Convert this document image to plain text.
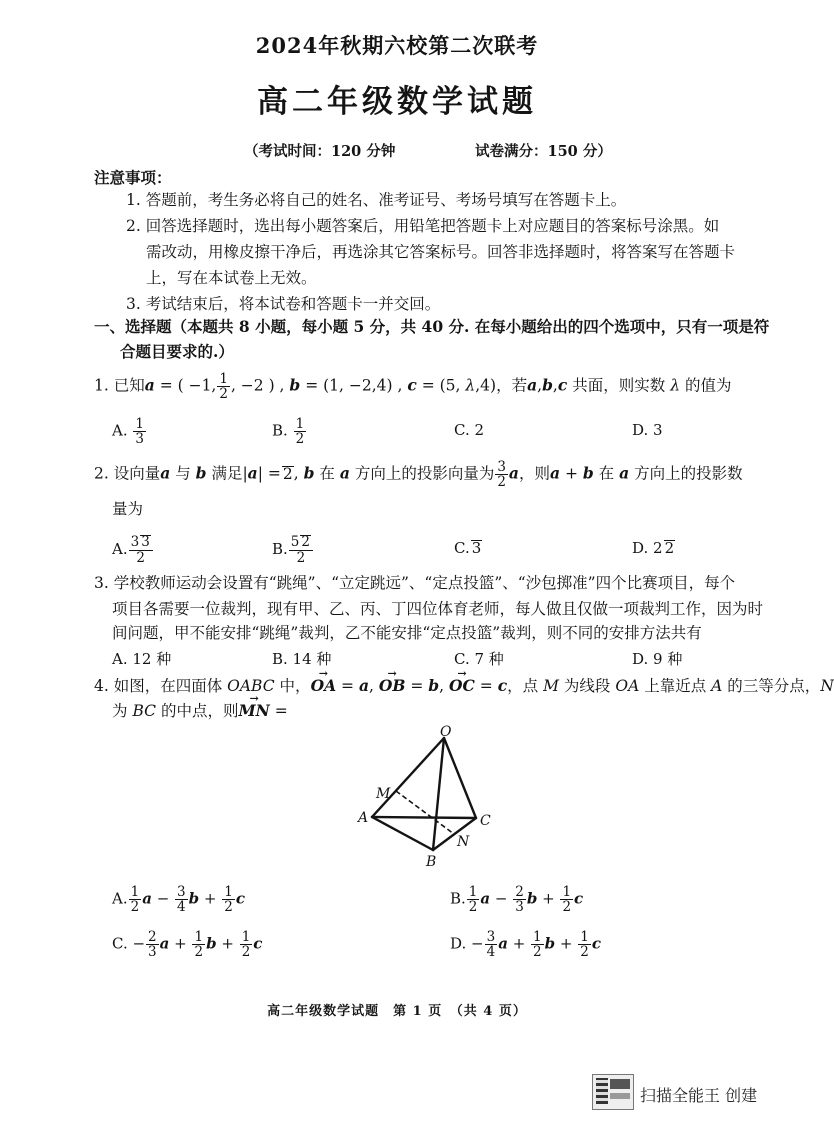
2024年秋期六校第二次联考
高二年级数学试题
（考试时间：120 分钟	试卷满分：150 分）
注意事项：
1. 答题前，考生务必将自己的姓名、准考证号、考场号填写在答题卡上。
2. 回答选择题时，选出每小题答案后，用铅笔把答题卡上对应题目的答案标号涂黑。如
需改动，用橡皮擦干净后，再选涂其它答案标号。回答非选择题时，将答案写在答题卡
上，写在本试卷上无效。
3. 考试结束后，将本试卷和答题卡一并交回。
一、选择题（本题共 8 小题，每小题 5 分，共 40 分. 在每小题给出的四个选项中，只有一项是符
合题目要求的.）
1. 已知a = ( −1, $\frac{1}{2}$ , −2 ) , b = (1, −2,4) , c = (5, λ,4)，若a,b,c 共面，则实数 λ 的值为
A. $\frac{1}{3}$	B. $\frac{1}{2}$	C. 2	D. 3
2. 设向量a 与 b 满足|a| = 2, b 在 a 方向上的投影向量为 $\frac{3}{2}$ a，则a + b 在 a 方向上的投影数
量为
A. $\frac{3 3}{2}$	B. $\frac{5 2}{2}$	C. 3	D. 2 2
3. 学校教师运动会设置有“跳绳”、“立定跳远”、“定点投篮”、“沙包掷准”四个比赛项目，每个
项目各需要一位裁判，现有甲、乙、丙、丁四位体育老师，每人做且仅做一项裁判工作，因为时
间问题，甲不能安排“跳绳”裁判，乙不能安排“定点投篮”裁判，则不同的安排方法共有
A. 12 种	B. 14 种	C. 7 种	D. 9 种
4. 如图，在四面体 OABC 中，→ OA = a, → OB = b, → OC = c，点 M 为线段 OA 上靠近点 A 的三等分点，N
为 BC 的中点，则→ MN =
O
M
A	C
N
B
A. $\frac{1}{2}$ $a - \frac{3}{4}$ $b + \frac{1}{2}$ c	B. $\frac{1}{2}$ $a - \frac{2}{3}$ $b + \frac{1}{2}$ c
C. − $\frac{2}{3}$ $a + \frac{1}{2}$ $b + \frac{1}{2}$ c	D. − $\frac{3}{4}$ $a + \frac{1}{2}$ $b + \frac{1}{2}$ c
高二年级数学试题　第 1 页　（共 4 页）
扫描全能王 创建
